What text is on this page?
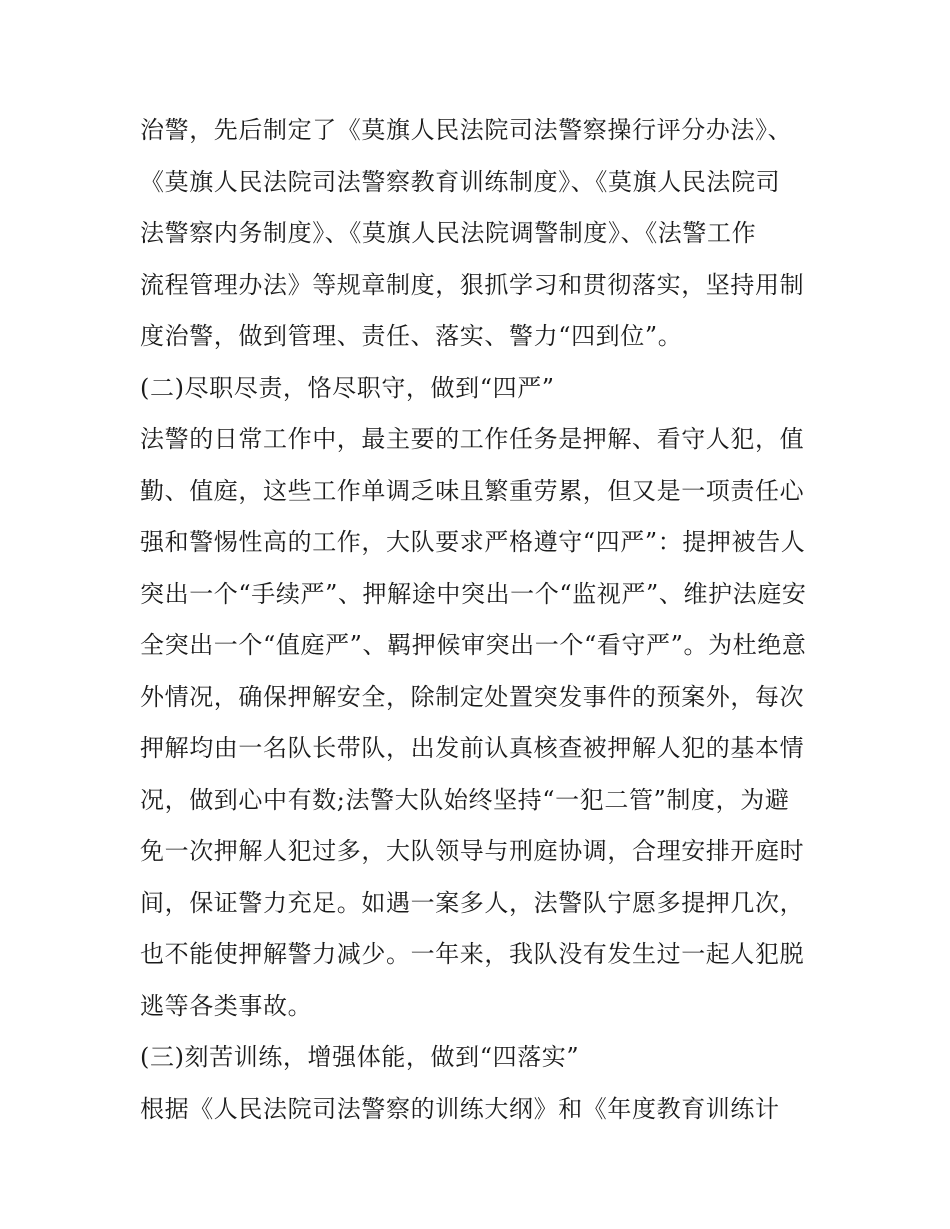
治警，先后制定了《莫旗人民法院司法警察操行评分办法》、
《莫旗人民法院司法警察教育训练制度》、《莫旗人民法院司
法警察内务制度》、《莫旗人民法院调警制度》、《法警工作
流程管理办法》等规章制度，狠抓学习和贯彻落实，坚持用制
度治警，做到管理、责任、落实、警力“四到位”。
(二)尽职尽责，恪尽职守，做到“四严”
法警的日常工作中，最主要的工作任务是押解、看守人犯，值
勤、值庭，这些工作单调乏味且繁重劳累，但又是一项责任心
强和警惕性高的工作，大队要求严格遵守“四严”：提押被告人
突出一个“手续严”、押解途中突出一个“监视严”、维护法庭安
全突出一个“值庭严”、羁押候审突出一个“看守严”。为杜绝意
外情况，确保押解安全，除制定处置突发事件的预案外，每次
押解均由一名队长带队，出发前认真核查被押解人犯的基本情
况，做到心中有数;法警大队始终坚持“一犯二管”制度，为避
免一次押解人犯过多，大队领导与刑庭协调，合理安排开庭时
间，保证警力充足。如遇一案多人，法警队宁愿多提押几次，
也不能使押解警力减少。一年来，我队没有发生过一起人犯脱
逃等各类事故。
(三)刻苦训练，增强体能，做到“四落实”
根据《人民法院司法警察的训练大纲》和《年度教育训练计
